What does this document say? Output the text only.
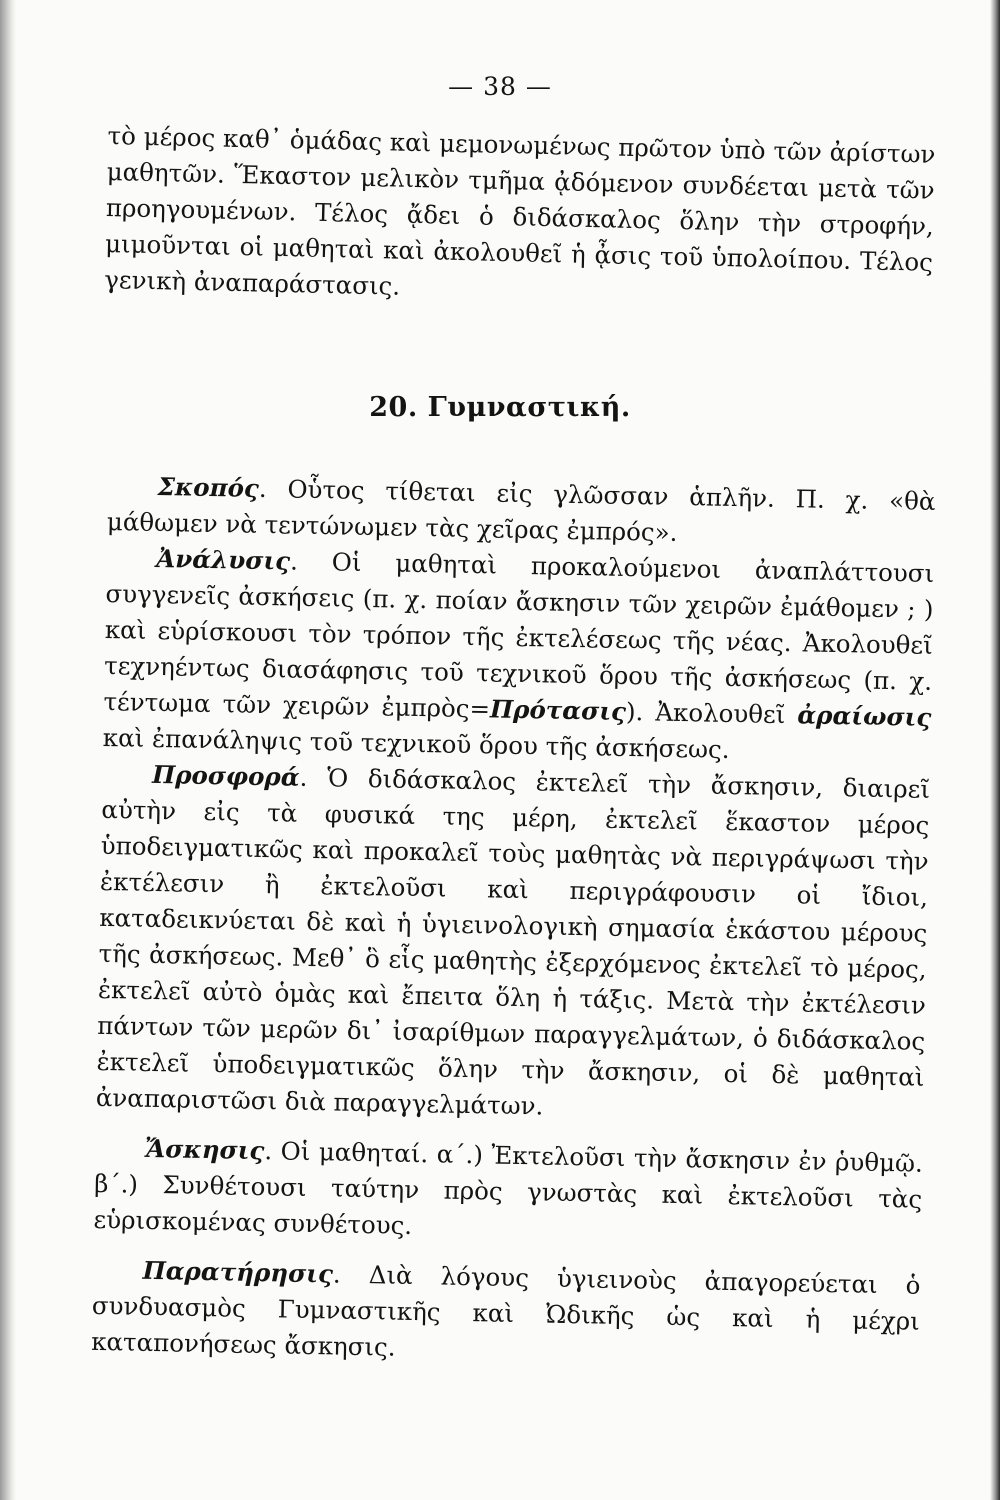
— 38 —

τὸ μέρος καθ᾽ ὁμάδας καὶ μεμονωμένως πρῶτον ὑπὸ τῶν ἀρίστων μαθητῶν. Ἕκαστον μελικὸν τμῆμα ᾀδόμενον συνδέεται μετὰ τῶν προηγουμένων. Τέλος ᾄδει ὁ διδάσκαλος ὅλην τὴν στροφήν, μιμοῦνται οἱ μαθηταὶ καὶ ἀκολουθεῖ ἡ ᾆσις τοῦ ὑπολοίπου. Τέλος γενικὴ ἀναπαράστασις.

20. Γυμναστική.

Σκοπός. Οὗτος τίθεται εἰς γλῶσσαν ἁπλῆν. Π. χ. «θὰ μάθωμεν νὰ τεντώνωμεν τὰς χεῖρας ἐμπρός».

Ἀνάλυσις. Οἱ μαθηταὶ προκαλούμενοι ἀναπλάττουσι συγγενεῖς ἀσκήσεις (π. χ. ποίαν ἄσκησιν τῶν χειρῶν ἐμάθομεν ; ) καὶ εὑρίσκουσι τὸν τρόπον τῆς ἐκτελέσεως τῆς νέας. Ἀκολουθεῖ τεχνηέντως διασάφησις τοῦ τεχνικοῦ ὅρου τῆς ἀσκήσεως (π. χ. τέντωμα τῶν χειρῶν ἐμπρὸς=Πρότασις). Ἀκολουθεῖ ἀραίωσις καὶ ἐπανάληψις τοῦ τεχνικοῦ ὅρου τῆς ἀσκήσεως.

Προσφορά. Ὁ διδάσκαλος ἐκτελεῖ τὴν ἄσκησιν, διαιρεῖ αὐτὴν εἰς τὰ φυσικά της μέρη, ἐκτελεῖ ἕκαστον μέρος ὑποδειγματικῶς καὶ προκαλεῖ τοὺς μαθητὰς νὰ περιγράψωσι τὴν ἐκτέλεσιν ἢ ἐκτελοῦσι καὶ περιγράφουσιν οἱ ἴδιοι, καταδεικνύεται δὲ καὶ ἡ ὑγιεινολογικὴ σημασία ἑκάστου μέρους τῆς ἀσκήσεως. Μεθ᾽ ὃ εἷς μαθητὴς ἐξερχόμενος ἐκτελεῖ τὸ μέρος, ἐκτελεῖ αὐτὸ ὁμὰς καὶ ἔπειτα ὅλη ἡ τάξις. Μετὰ τὴν ἐκτέλεσιν πάντων τῶν μερῶν δι᾽ ἰσαρίθμων παραγγελμάτων, ὁ διδάσκαλος ἐκτελεῖ ὑποδειγματικῶς ὅλην τὴν ἄσκησιν, οἱ δὲ μαθηταὶ ἀναπαριστῶσι διὰ παραγγελμάτων.

Ἄσκησις. Οἱ μαθηταί. α΄.) Ἐκτελοῦσι τὴν ἄσκησιν ἐν ῥυθμῷ. β΄.) Συνθέτουσι ταύτην πρὸς γνωστὰς καὶ ἐκτελοῦσι τὰς εὑρισκομένας συνθέτους.

Παρατήρησις. Διὰ λόγους ὑγιεινοὺς ἀπαγορεύεται ὁ συνδυασμὸς Γυμναστικῆς καὶ Ὠδικῆς ὡς καὶ ἡ μέχρι καταπονήσεως ἄσκησις.
